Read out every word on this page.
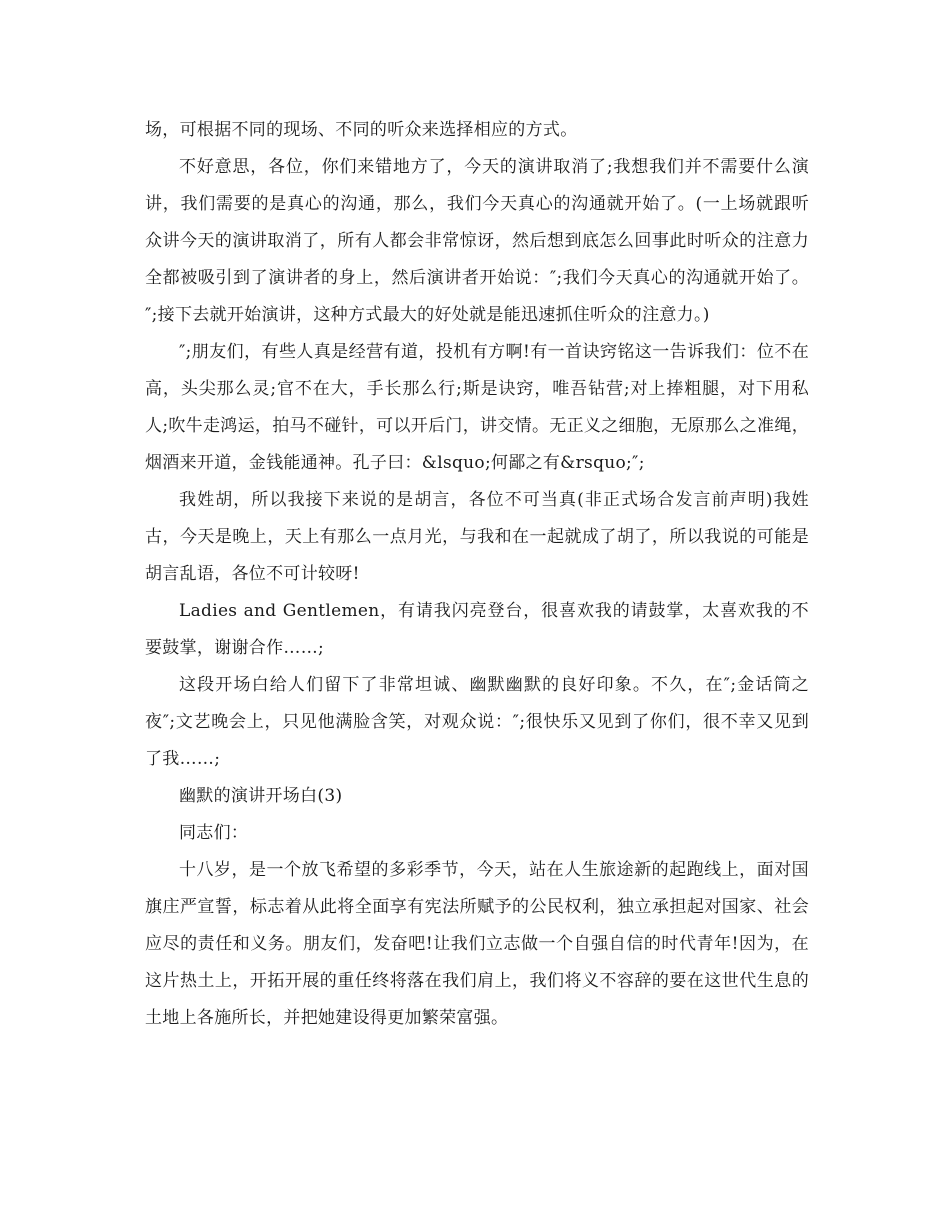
场，可根据不同的现场、不同的听众来选择相应的方式。

不好意思，各位，你们来错地方了，今天的演讲取消了;我想我们并不需要什么演讲，我们需要的是真心的沟通，那么，我们今天真心的沟通就开始了。(一上场就跟听众讲今天的演讲取消了，所有人都会非常惊讶，然后想到底怎么回事此时听众的注意力全都被吸引到了演讲者的身上，然后演讲者开始说：″;我们今天真心的沟通就开始了。″;接下去就开始演讲，这种方式最大的好处就是能迅速抓住听众的注意力。)

″;朋友们，有些人真是经营有道，投机有方啊!有一首诀窍铭这一告诉我们：位不在高，头尖那么灵;官不在大，手长那么行;斯是诀窍，唯吾钻营;对上捧粗腿，对下用私人;吹牛走鸿运，拍马不碰针，可以开后门，讲交情。无正义之细胞，无原那么之准绳，烟酒来开道，金钱能通神。孔子曰：&lsquo;何鄙之有&rsquo;″;

我姓胡，所以我接下来说的是胡言，各位不可当真(非正式场合发言前声明)我姓古，今天是晚上，天上有那么一点月光，与我和在一起就成了胡了，所以我说的可能是胡言乱语，各位不可计较呀!

Ladies and Gentlemen，有请我闪亮登台，很喜欢我的请鼓掌，太喜欢我的不要鼓掌，谢谢合作……;

这段开场白给人们留下了非常坦诚、幽默幽默的良好印象。不久，在″;金话筒之夜″;文艺晚会上，只见他满脸含笑，对观众说：″;很快乐又见到了你们，很不幸又见到了我……;

幽默的演讲开场白(3)

同志们：

十八岁，是一个放飞希望的多彩季节，今天，站在人生旅途新的起跑线上，面对国旗庄严宣誓，标志着从此将全面享有宪法所赋予的公民权利，独立承担起对国家、社会应尽的责任和义务。朋友们，发奋吧!让我们立志做一个自强自信的时代青年!因为，在这片热土上，开拓开展的重任终将落在我们肩上，我们将义不容辞的要在这世代生息的土地上各施所长，并把她建设得更加繁荣富强。
